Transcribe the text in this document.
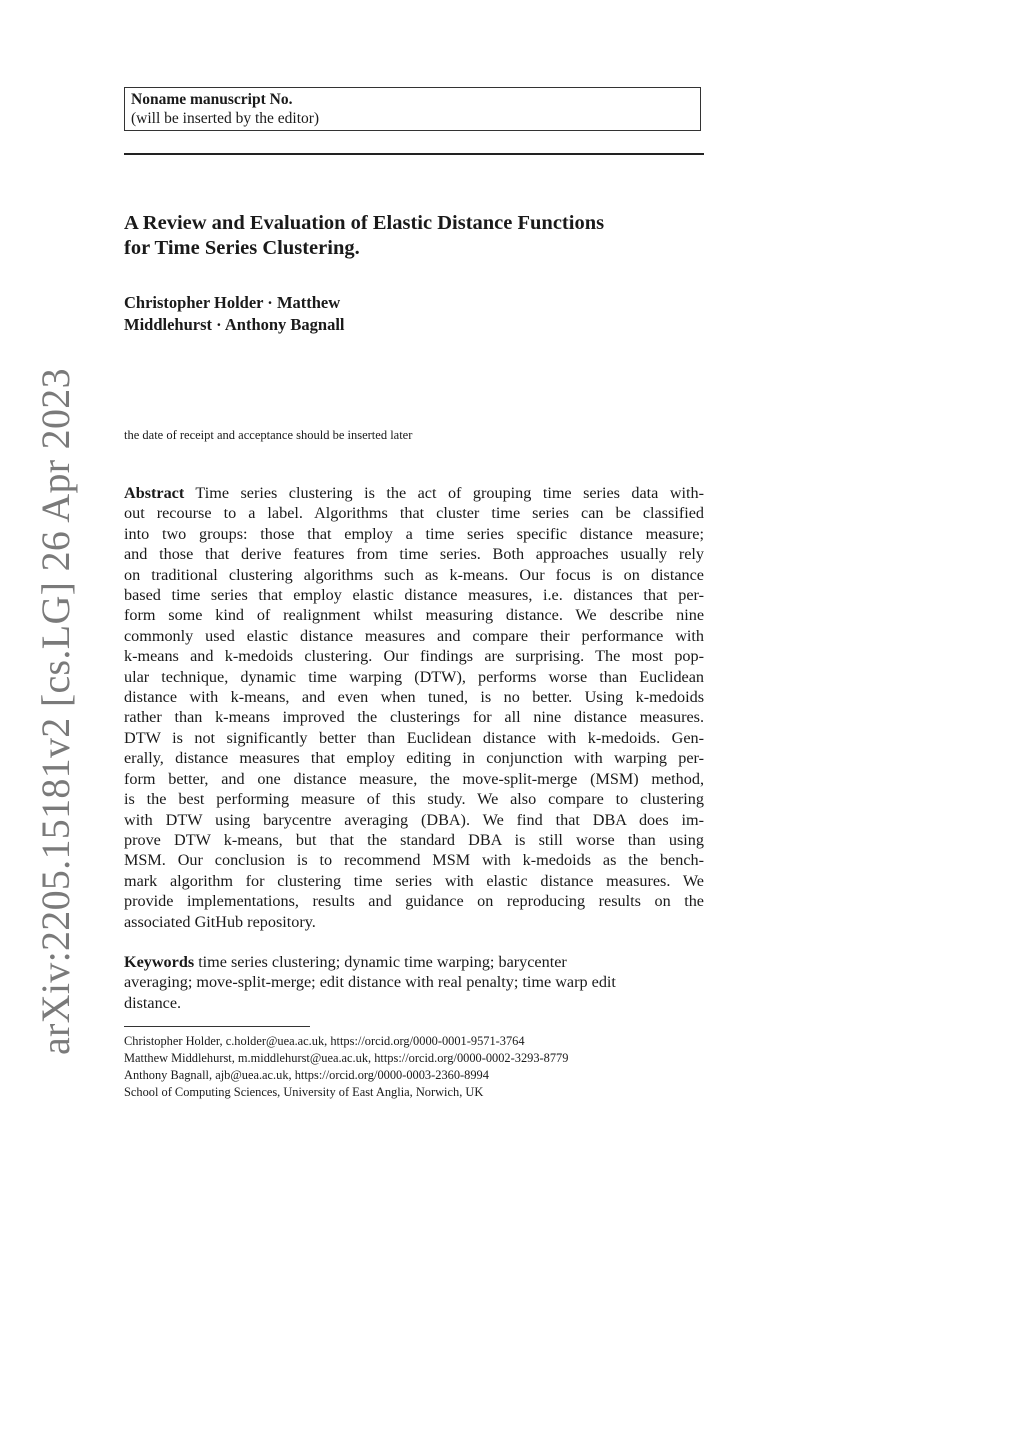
arXiv:2205.15181v2 [cs.LG] 26 Apr 2023
Noname manuscript No.
(will be inserted by the editor)
A Review and Evaluation of Elastic Distance Functions
for Time Series Clustering.
Christopher Holder · Matthew
Middlehurst · Anthony Bagnall
the date of receipt and acceptance should be inserted later
Abstract Time series clustering is the act of grouping time series data with-
out recourse to a label. Algorithms that cluster time series can be classified
into two groups: those that employ a time series specific distance measure;
and those that derive features from time series. Both approaches usually rely
on traditional clustering algorithms such as k-means. Our focus is on distance
based time series that employ elastic distance measures, i.e. distances that per-
form some kind of realignment whilst measuring distance. We describe nine
commonly used elastic distance measures and compare their performance with
k-means and k-medoids clustering. Our findings are surprising. The most pop-
ular technique, dynamic time warping (DTW), performs worse than Euclidean
distance with k-means, and even when tuned, is no better. Using k-medoids
rather than k-means improved the clusterings for all nine distance measures.
DTW is not significantly better than Euclidean distance with k-medoids. Gen-
erally, distance measures that employ editing in conjunction with warping per-
form better, and one distance measure, the move-split-merge (MSM) method,
is the best performing measure of this study. We also compare to clustering
with DTW using barycentre averaging (DBA). We find that DBA does im-
prove DTW k-means, but that the standard DBA is still worse than using
MSM. Our conclusion is to recommend MSM with k-medoids as the bench-
mark algorithm for clustering time series with elastic distance measures. We
provide implementations, results and guidance on reproducing results on the
associated GitHub repository.
Keywords time series clustering; dynamic time warping; barycenter
averaging; move-split-merge; edit distance with real penalty; time warp edit
distance.
Christopher Holder, c.holder@uea.ac.uk, https://orcid.org/0000-0001-9571-3764
Matthew Middlehurst, m.middlehurst@uea.ac.uk, https://orcid.org/0000-0002-3293-8779
Anthony Bagnall, ajb@uea.ac.uk, https://orcid.org/0000-0003-2360-8994
School of Computing Sciences, University of East Anglia, Norwich, UK
